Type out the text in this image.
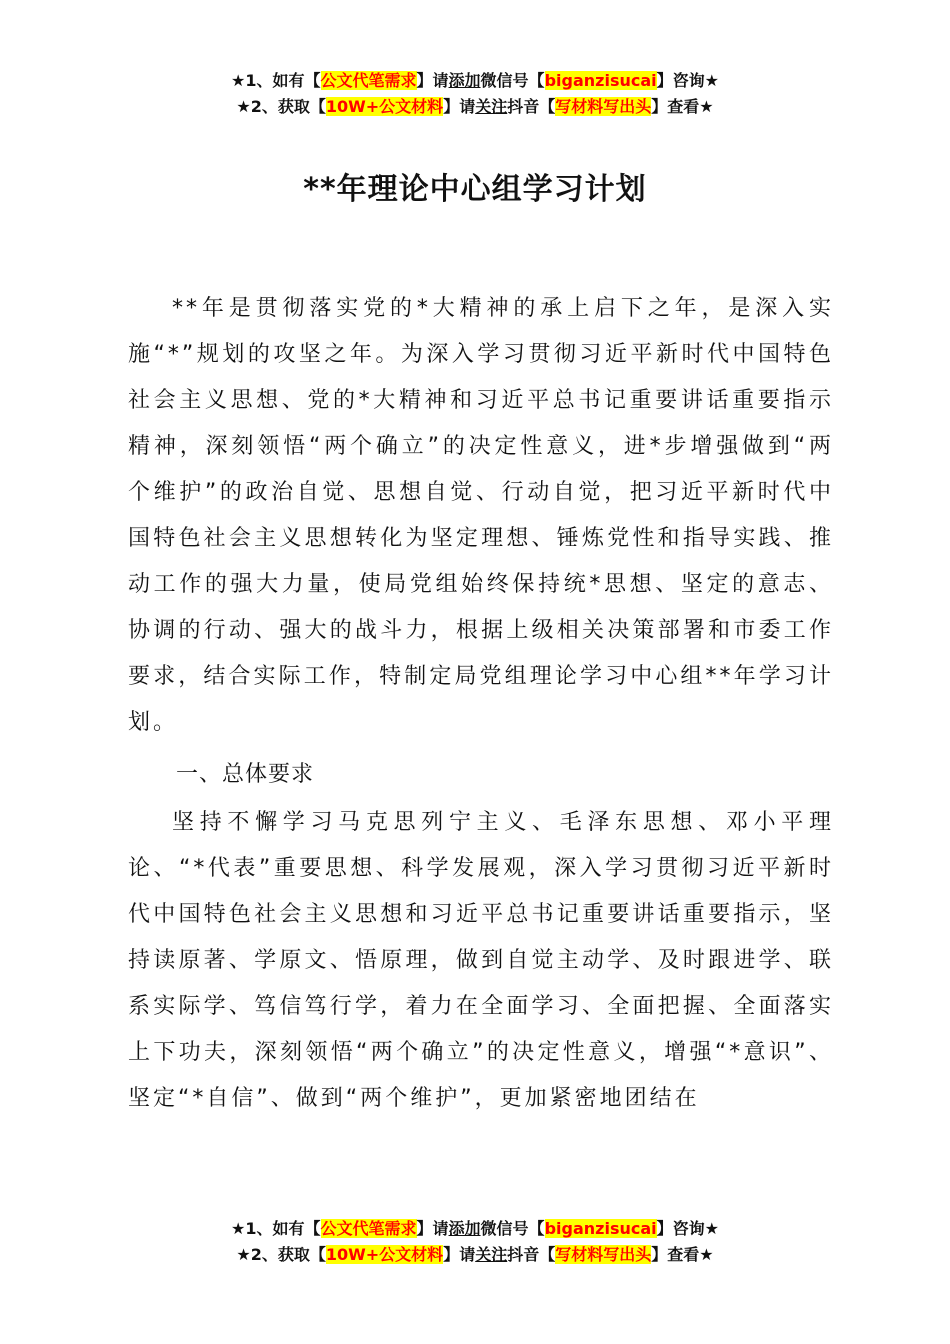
★1、如有【公文代笔需求】请添加微信号【biganzisucai】咨询★
★2、获取【10W+公文材料】请关注抖音【写材料写出头】查看★
**年理论中心组学习计划

**年是贯彻落实党的*大精神的承上启下之年，是深入实施“*”规划的攻坚之年。为深入学习贯彻习近平新时代中国特色社会主义思想、党的*大精神和习近平总书记重要讲话重要指示精神，深刻领悟“两个确立”的决定性意义，进*步增强做到“两个维护”的政治自觉、思想自觉、行动自觉，把习近平新时代中国特色社会主义思想转化为坚定理想、锤炼党性和指导实践、推动工作的强大力量，使局党组始终保持统*思想、坚定的意志、协调的行动、强大的战斗力，根据上级相关决策部署和市委工作要求，结合实际工作，特制定局党组理论学习中心组**年学习计划。

一、总体要求

坚持不懈学习马克思列宁主义、毛泽东思想、邓小平理论、“*代表”重要思想、科学发展观，深入学习贯彻习近平新时代中国特色社会主义思想和习近平总书记重要讲话重要指示，坚持读原著、学原文、悟原理，做到自觉主动学、及时跟进学、联系实际学、笃信笃行学，着力在全面学习、全面把握、全面落实上下功夫，深刻领悟“两个确立”的决定性意义，增强“*意识”、坚定“*自信”、做到“两个维护”，更加紧密地团结在

★1、如有【公文代笔需求】请添加微信号【biganzisucai】咨询★
★2、获取【10W+公文材料】请关注抖音【写材料写出头】查看★
